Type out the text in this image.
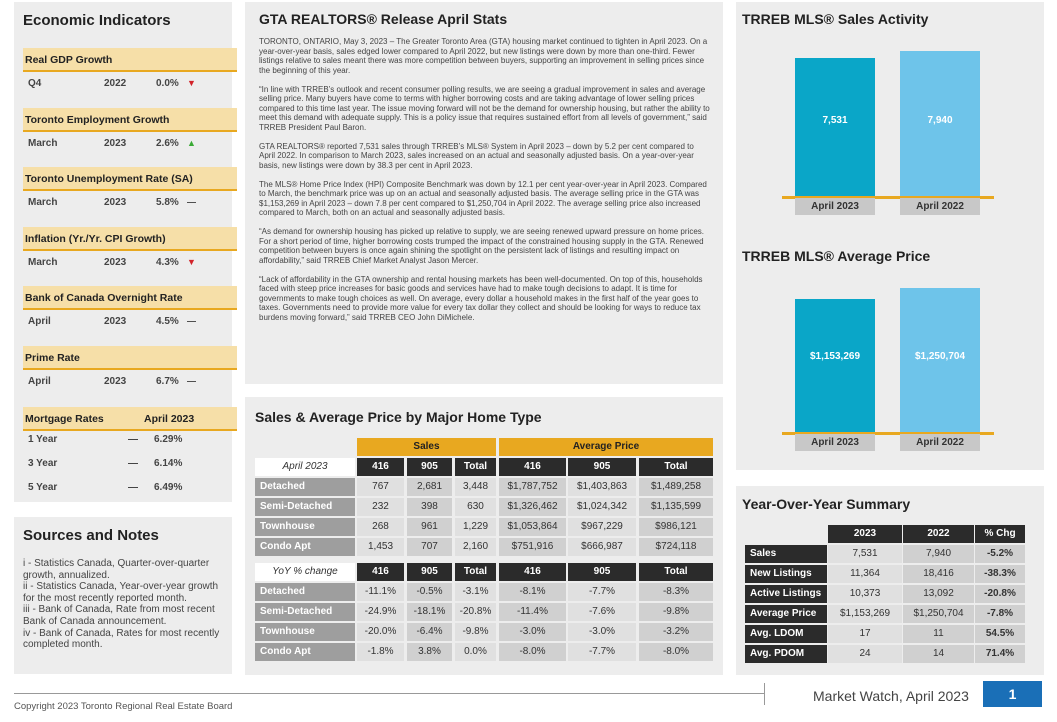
Economic Indicators
Real GDP Growth
Q4	2022	0.0% ▼
Toronto Employment Growth
March	2023	2.6% ▲
Toronto Unemployment Rate (SA)
March	2023	5.8% —
Inflation (Yr./Yr. CPI Growth)
March	2023	4.3% ▼
Bank of Canada Overnight Rate
April	2023	4.5% —
Prime Rate
April	2023	6.7% —
Mortgage Rates	April 2023
1 Year	— 6.29%
3 Year	— 6.14%
5 Year	— 6.49%
Sources and Notes
i - Statistics Canada, Quarter-over-quarter growth, annualized.
ii - Statistics Canada, Year-over-year growth for the most recently reported month.
iii - Bank of Canada, Rate from most recent Bank of Canada announcement.
iv - Bank of Canada, Rates for most recently completed month.
GTA REALTORS® Release April Stats

TORONTO, ONTARIO, May 3, 2023 – The Greater Toronto Area (GTA) housing market continued to tighten in April 2023. On a year-over-year basis, sales edged lower compared to April 2022, but new listings were down by more than one-third. Fewer listings relative to sales meant there was more competition between buyers, supporting an improvement in selling prices since the beginning of this year.

“In line with TRREB’s outlook and recent consumer polling results, we are seeing a gradual improvement in sales and average selling price. Many buyers have come to terms with higher borrowing costs and are taking advantage of lower selling prices compared to this time last year. The issue moving forward will not be the demand for ownership housing, but rather the ability to meet this demand with adequate supply. This is a policy issue that requires sustained effort from all levels of government,” said TRREB President Paul Baron.

GTA REALTORS® reported 7,531 sales through TRREB’s MLS® System in April 2023 – down by 5.2 per cent compared to April 2022. In comparison to March 2023, sales increased on an actual and seasonally adjusted basis. On a year-over-year basis, new listings were down by 38.3 per cent in April 2023.

The MLS® Home Price Index (HPI) Composite Benchmark was down by 12.1 per cent year-over-year in April 2023. Compared to March, the benchmark price was up on an actual and seasonally adjusted basis. The average selling price in the GTA was $1,153,269 in April 2023 – down 7.8 per cent compared to $1,250,704 in April 2022. The average selling price also increased compared to March, both on an actual and seasonally adjusted basis.

“As demand for ownership housing has picked up relative to supply, we are seeing renewed upward pressure on home prices. For a short period of time, higher borrowing costs trumped the impact of the constrained housing supply in the GTA. Renewed competition between buyers is once again shining the spotlight on the persistent lack of listings and resulting impact on affordability,” said TRREB Chief Market Analyst Jason Mercer.

“Lack of affordability in the GTA ownership and rental housing markets has been well-documented. On top of this, households faced with steep price increases for basic goods and services have had to make tough decisions to adapt. It is time for governments to make tough choices as well. On average, every dollar a household makes in the first half of the year goes to taxes. Governments need to provide more value for every tax dollar they collect and should be looking for ways to reduce tax burdens moving forward,” said TRREB CEO John DiMichele.

Sales & Average Price by Major Home Type
Sales	Average Price
April 2023	416	905	Total	416	905	Total
Detached	767	2,681	3,448	$1,787,752	$1,403,863	$1,489,258
Semi-Detached	232	398	630	$1,326,462	$1,024,342	$1,135,599
Townhouse	268	961	1,229	$1,053,864	$967,229	$986,121
Condo Apt	1,453	707	2,160	$751,916	$666,987	$724,118
YoY % change	416	905	Total	416	905	Total
Detached	-11.1%	-0.5%	-3.1%	-8.1%	-7.7%	-8.3%
Semi-Detached	-24.9%	-18.1%	-20.8%	-11.4%	-7.6%	-9.8%
Townhouse	-20.0%	-6.4%	-9.8%	-3.0%	-3.0%	-3.2%
Condo Apt	-1.8%	3.8%	0.0%	-8.0%	-7.7%	-8.0%
TRREB MLS® Sales Activity
7,531
April 2023
7,940
April 2022
TRREB MLS® Average Price
$1,153,269
April 2023
$1,250,704
April 2022
Year-Over-Year Summary
2023	2022	% Chg
Sales	7,531	7,940	-5.2%
New Listings	11,364	18,416	-38.3%
Active Listings	10,373	13,092	-20.8%
Average Price	$1,153,269	$1,250,704	-7.8%
Avg. LDOM	17	11	54.5%
Avg. PDOM	24	14	71.4%
Copyright 2023 Toronto Regional Real Estate Board
Market Watch, April 2023	1
